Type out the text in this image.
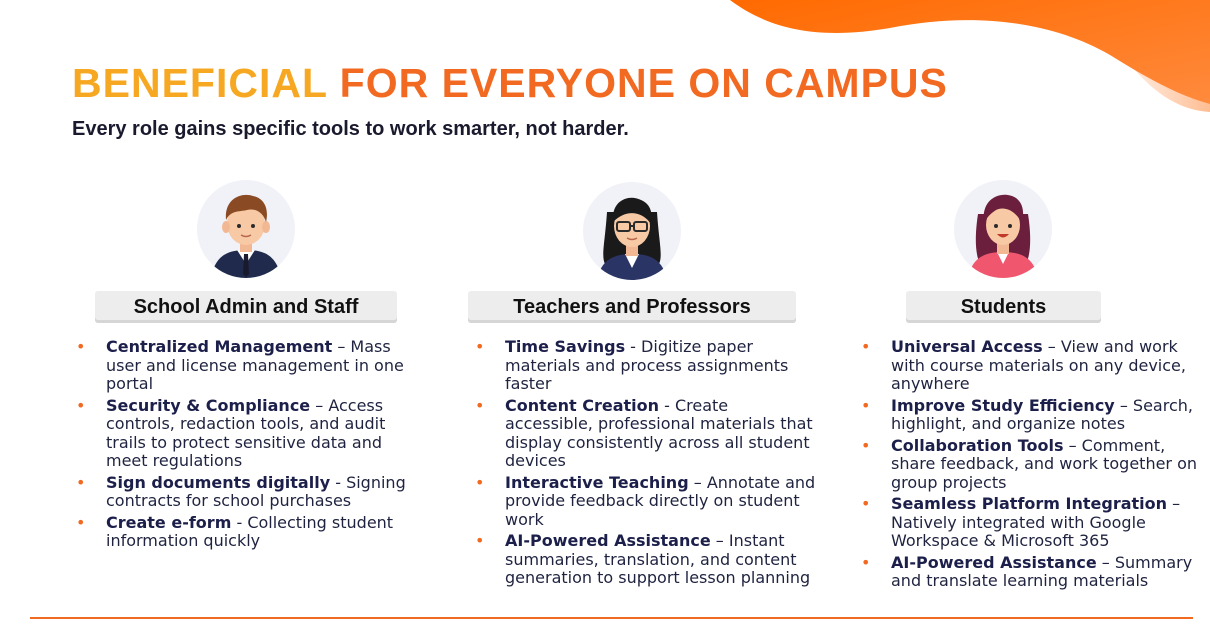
BENEFICIAL FOR EVERYONE ON CAMPUS
Every role gains specific tools to work smarter, not harder.
School Admin and Staff	Teachers and Professors	Students
• Centralized Management – Mass user and license management in one portal
• Security & Compliance – Access controls, redaction tools, and audit trails to protect sensitive data and meet regulations
• Sign documents digitally - Signing contracts for school purchases
• Create e-form - Collecting student information quickly
• Time Savings - Digitize paper materials and process assignments faster
• Content Creation - Create accessible, professional materials that display consistently across all student devices
• Interactive Teaching – Annotate and provide feedback directly on student work
• AI-Powered Assistance – Instant summaries, translation, and content generation to support lesson planning
• Universal Access – View and work with course materials on any device, anywhere
• Improve Study Efficiency – Search, highlight, and organize notes
• Collaboration Tools – Comment, share feedback, and work together on group projects
• Seamless Platform Integration – Natively integrated with Google Workspace & Microsoft 365
• AI-Powered Assistance – Summary and translate learning materials
